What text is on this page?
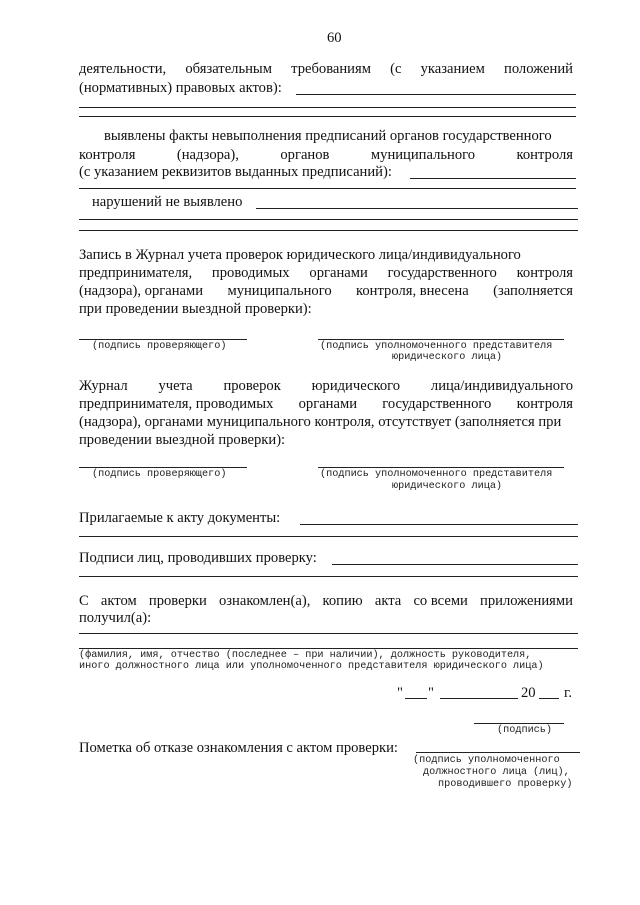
60
деятельности, обязательным требованиям (с указанием положений
(нормативных) правовых актов):
выявлены факты невыполнения предписаний органов государственного
контроля	(надзора),	органов	муниципального	контроля
(с указанием реквизитов выданных предписаний):
нарушений не выявлено
Запись в Журнал учета проверок юридического лица/индивидуального
предпринимателя, проводимых органами государственного контроля
(надзора), органами муниципального контроля, внесена (заполняется
при проведении выездной проверки):
(подпись проверяющего)	(подпись уполномоченного представителя
юридического лица)
Журнал учета проверок юридического лица/индивидуального
предпринимателя, проводимых органами государственного контроля
(надзора), органами муниципального контроля, отсутствует (заполняется при
проведении выездной проверки):
(подпись проверяющего)	(подпись уполномоченного представителя
юридического лица)
Прилагаемые к акту документы:
Подписи лиц, проводивших проверку:
С актом проверки ознакомлен(а), копию акта со всеми приложениями
получил(а):
(фамилия, имя, отчество (последнее – при наличии), должность руководителя,
иного должностного лица или уполномоченного представителя юридического лица)
" "	20 г.
(подпись)
Пометка об отказе ознакомления с актом проверки:
(подпись уполномоченного
должностного лица (лиц),
проводившего проверку)
